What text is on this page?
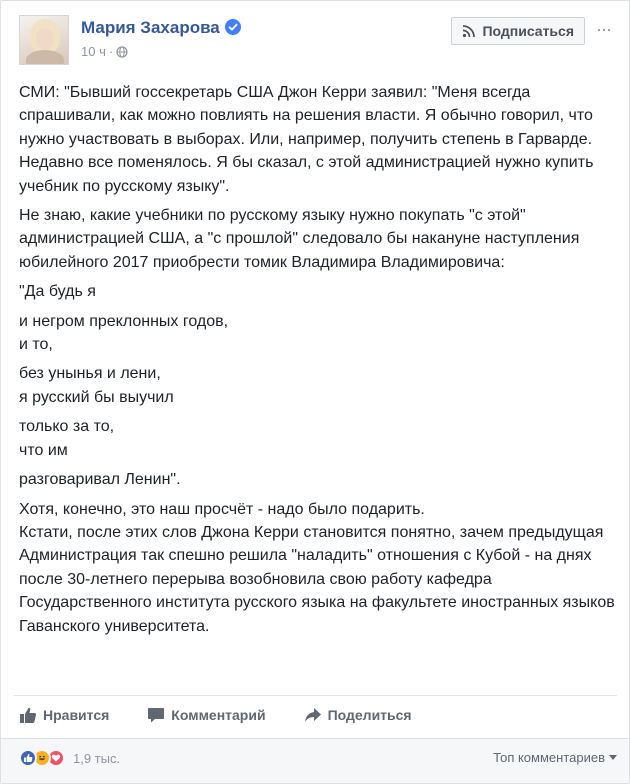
Мария Захарова
10 ч ·
Подписаться ···

СМИ: "Бывший госсекретарь США Джон Керри заявил: "Меня всегда спрашивали, как можно повлиять на решения власти. Я обычно говорил, что нужно участвовать в выборах. Или, например, получить степень в Гарварде. Недавно все поменялось. Я бы сказал, с этой администрацией нужно купить учебник по русскому языку".

Не знаю, какие учебники по русскому языку нужно покупать "с этой" администрацией США, а "с прошлой" следовало бы накануне наступления юбилейного 2017 приобрести томик Владимира Владимировича:

"Да будь я

и негром преклонных годов,
и то,

без унынья и лени,
я русский бы выучил

только за то,
что им

разговаривал Ленин".

Хотя, конечно, это наш просчёт - надо было подарить.
Кстати, после этих слов Джона Керри становится понятно, зачем предыдущая Администрация так спешно решила "наладить" отношения с Кубой - на днях после 30-летнего перерыва возобновила свою работу кафедра Государственного института русского языка на факультете иностранных языков Гаванского университета.

Нравится	Комментарий	Поделиться
1,9 тыс.	Топ комментариев
